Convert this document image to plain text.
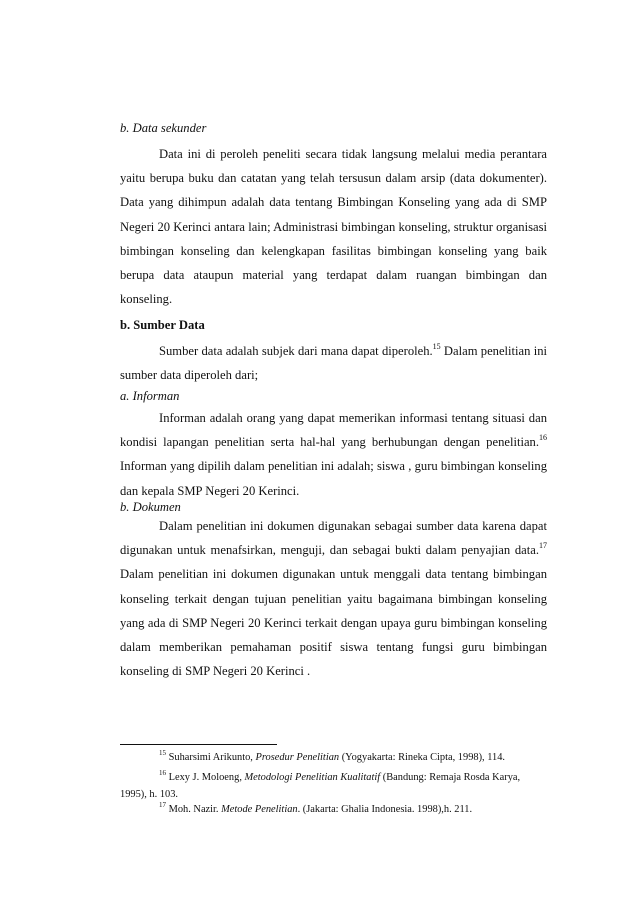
b. Data sekunder

Data ini di peroleh peneliti secara tidak langsung melalui media perantara yaitu berupa buku dan catatan yang telah tersusun dalam arsip (data dokumenter). Data yang dihimpun adalah data tentang Bimbingan Konseling yang ada di SMP Negeri 20 Kerinci antara lain; Administrasi bimbingan konseling, struktur organisasi bimbingan konseling dan kelengkapan fasilitas bimbingan konseling yang baik berupa data ataupun material yang terdapat dalam ruangan bimbingan dan konseling.

b. Sumber Data

Sumber data adalah subjek dari mana dapat diperoleh.$^{15}$ Dalam penelitian ini sumber data diperoleh dari;

a. Informan

Informan adalah orang yang dapat memerikan informasi tentang situasi dan kondisi lapangan penelitian serta hal-hal yang berhubungan dengan penelitian.$^{16}$ Informan yang dipilih dalam penelitian ini adalah; siswa , guru bimbingan konseling dan kepala SMP Negeri 20 Kerinci.

b. Dokumen

Dalam penelitian ini dokumen digunakan sebagai sumber data karena dapat digunakan untuk menafsirkan, menguji, dan sebagai bukti dalam penyajian data.$^{17}$ Dalam penelitian ini dokumen digunakan untuk menggali data tentang bimbingan konseling terkait dengan tujuan penelitian yaitu bagaimana bimbingan konseling yang ada di SMP Negeri 20 Kerinci terkait dengan upaya guru bimbingan konseling dalam memberikan pemahaman positif siswa tentang fungsi guru bimbingan konseling di SMP Negeri 20 Kerinci .

$^{15}$ Suharsimi Arikunto, Prosedur Penelitian (Yogyakarta: Rineka Cipta, 1998), 114.

$^{16}$ Lexy J. Moloeng, Metodologi Penelitian Kualitatif (Bandung: Remaja Rosda Karya, 1995), h. 103.

$^{17}$ Moh. Nazir. Metode Penelitian. (Jakarta: Ghalia Indonesia. 1998),h. 211.
